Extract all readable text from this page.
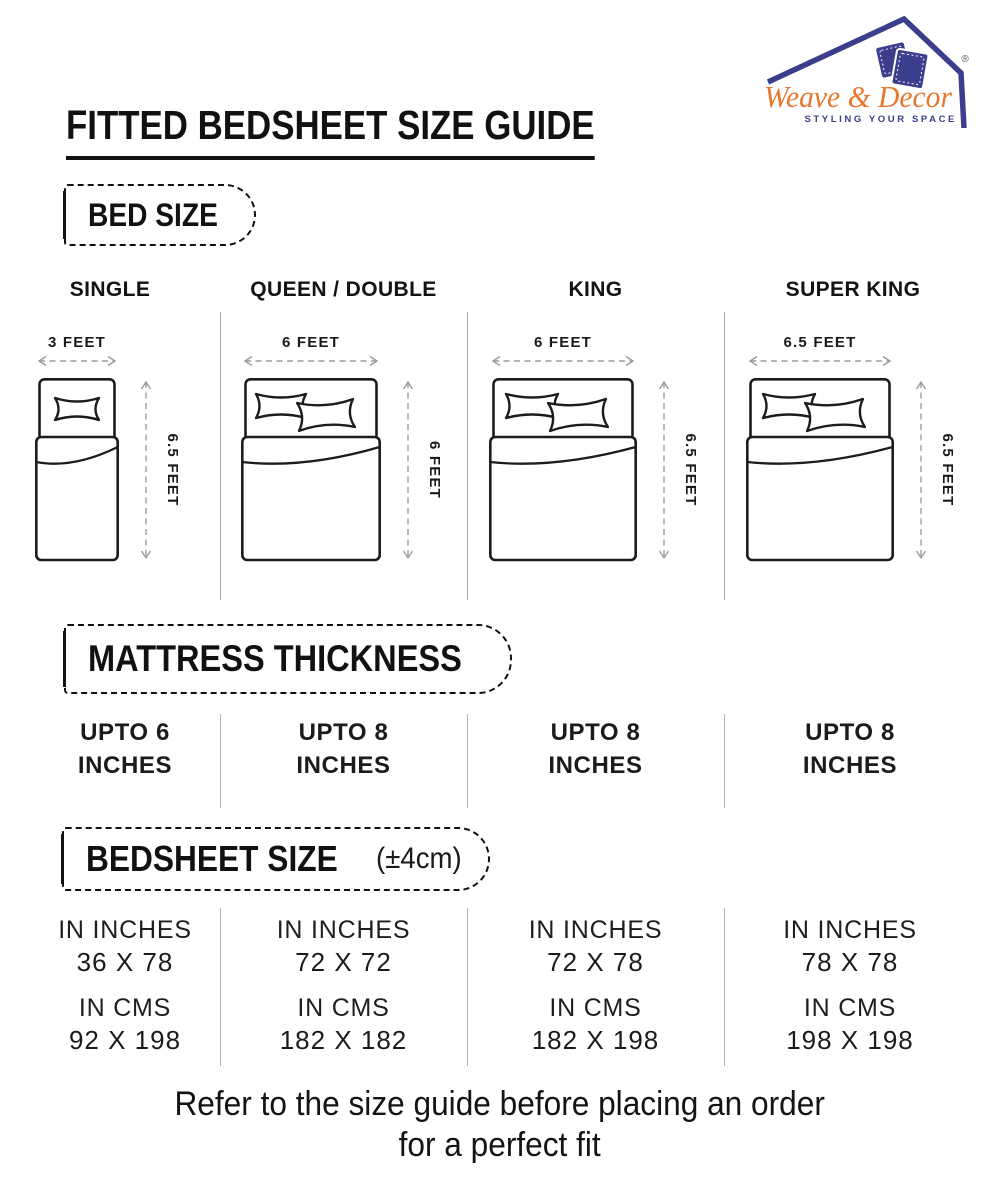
®
Weave & Decor
STYLING YOUR SPACE
FITTED BEDSHEET SIZE GUIDE
BED SIZE
SINGLE
3 FEET
6.5 FEET
QUEEN / DOUBLE
6 FEET
6 FEET
KING
6 FEET
6.5 FEET
SUPER KING
6.5 FEET
6.5 FEET
MATTRESS THICKNESS
UPTO 6
INCHES
UPTO 8
INCHES
UPTO 8
INCHES
UPTO 8
INCHES
BEDSHEET SIZE (±4cm)
IN INCHES
36 X 78
IN CMS
92 X 198
IN INCHES
72 X 72
IN CMS
182 X 182
IN INCHES
72 X 78
IN CMS
182 X 198
IN INCHES
78 X 78
IN CMS
198 X 198
Refer to the size guide before placing an order
for a perfect fit
